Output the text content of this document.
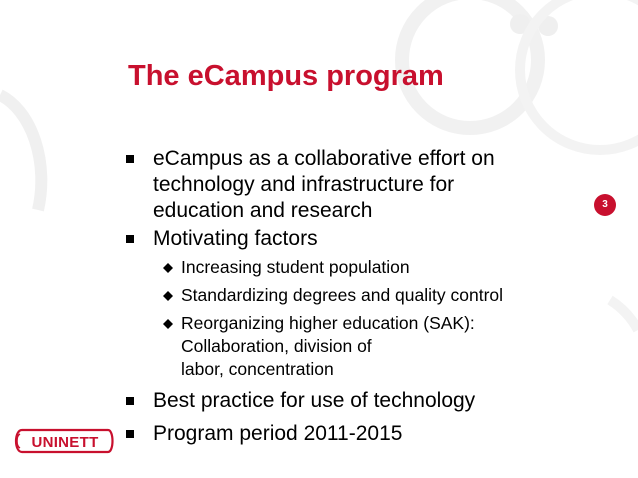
The eCampus program
eCampus as a collaborative effort on
technology and infrastructure for
education and research
Motivating factors
Increasing student population
Standardizing degrees and quality control
Reorganizing higher education (SAK):
Collaboration, division of
labor, concentration
Best practice for use of technology
Program period 2011-2015
3
UNINETT
